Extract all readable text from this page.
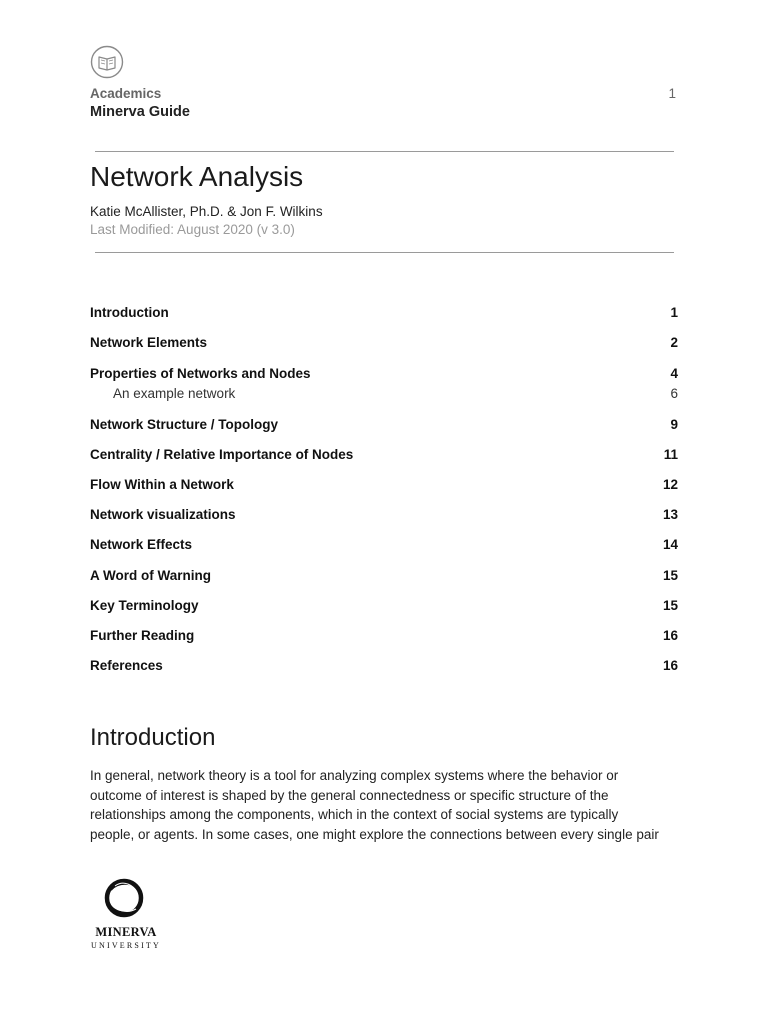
Academics
Minerva Guide
1
Network Analysis
Katie McAllister, Ph.D. & Jon F. Wilkins
Last Modified: August 2020 (v 3.0)
Introduction	1
Network Elements	2
Properties of Networks and Nodes	4
An example network	6
Network Structure / Topology	9
Centrality / Relative Importance of Nodes	11
Flow Within a Network	12
Network visualizations	13
Network Effects	14
A Word of Warning	15
Key Terminology	15
Further Reading	16
References	16
Introduction
In general, network theory is a tool for analyzing complex systems where the behavior or
outcome of interest is shaped by the general connectedness or specific structure of the
relationships among the components, which in the context of social systems are typically
people, or agents. In some cases, one might explore the connections between every single pair
MINERVA
UNIVERSITY
